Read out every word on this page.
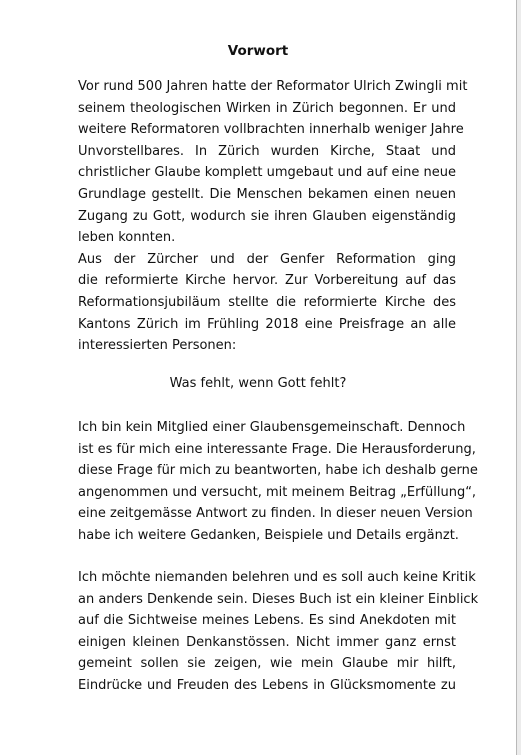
Vorwort
Vor rund 500 Jahren hatte der Reformator Ulrich Zwingli mit
seinem theologischen Wirken in Zürich begonnen. Er und
weitere Reformatoren vollbrachten innerhalb weniger Jahre
Unvorstellbares. In Zürich wurden Kirche, Staat und
christlicher Glaube komplett umgebaut und auf eine neue
Grundlage gestellt. Die Menschen bekamen einen neuen
Zugang zu Gott, wodurch sie ihren Glauben eigenständig
leben konnten.
Aus der Zürcher und der Genfer Reformation ging
die reformierte Kirche hervor. Zur Vorbereitung auf das
Reformationsjubiläum stellte die reformierte Kirche des
Kantons Zürich im Frühling 2018 eine Preisfrage an alle
interessierten Personen:

Was fehlt, wenn Gott fehlt?

Ich bin kein Mitglied einer Glaubensgemeinschaft. Dennoch
ist es für mich eine interessante Frage. Die Herausforderung,
diese Frage für mich zu beantworten, habe ich deshalb gerne
angenommen und versucht, mit meinem Beitrag „Erfüllung“,
eine zeitgemässe Antwort zu finden. In dieser neuen Version
habe ich weitere Gedanken, Beispiele und Details ergänzt.
Ich möchte niemanden belehren und es soll auch keine Kritik
an anders Denkende sein. Dieses Buch ist ein kleiner Einblick
auf die Sichtweise meines Lebens. Es sind Anekdoten mit
einigen kleinen Denkanstössen. Nicht immer ganz ernst
gemeint sollen sie zeigen, wie mein Glaube mir hilft,
Eindrücke und Freuden des Lebens in Glücksmomente zu
